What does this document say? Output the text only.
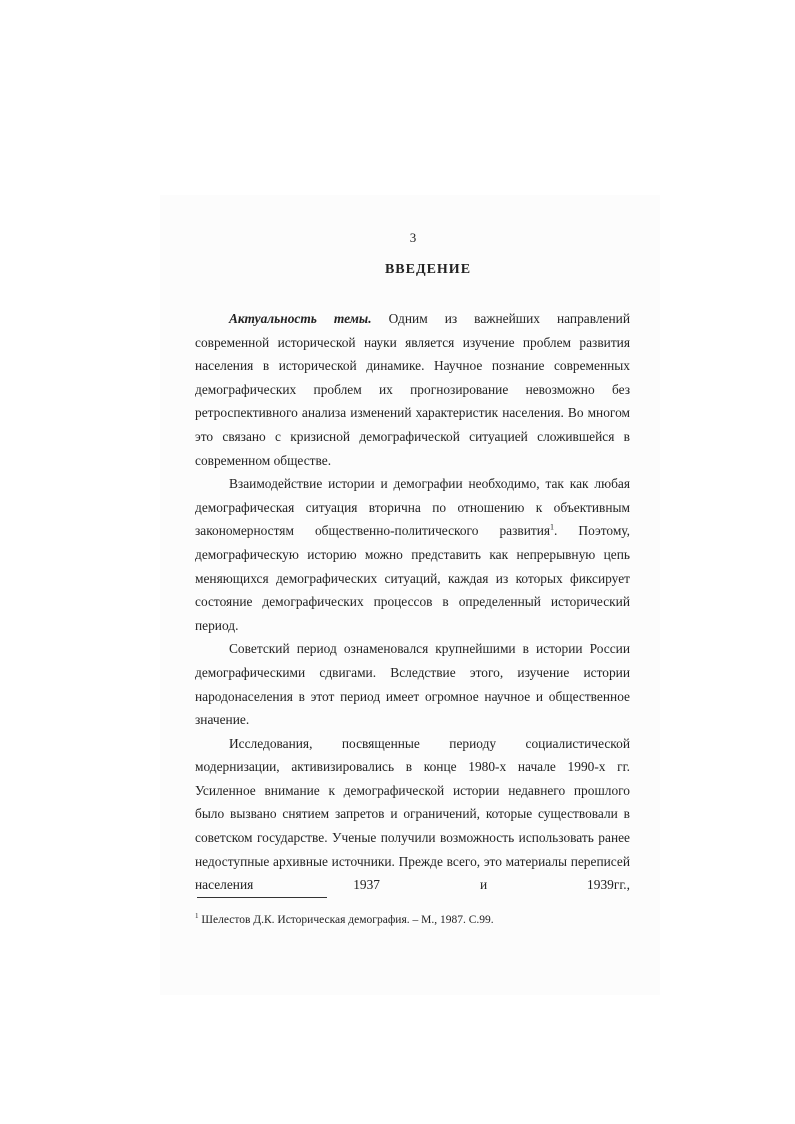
3
ВВЕДЕНИЕ

Актуальность темы. Одним из важнейших направлений современной исторической науки является изучение проблем развития населения в исторической динамике. Научное познание современных демографических проблем их прогнозирование невозможно без ретроспективного анализа изменений характеристик населения. Во многом это связано с кризисной демографической ситуацией сложившейся в современном обществе.

Взаимодействие истории и демографии необходимо, так как любая демографическая ситуация вторична по отношению к объективным закономерностям общественно-политического развития$^1$. Поэтому, демографическую историю можно представить как непрерывную цепь меняющихся демографических ситуаций, каждая из которых фиксирует состояние демографических процессов в определенный исторический период.

Советский период ознаменовался крупнейшими в истории России демографическими сдвигами. Вследствие этого, изучение истории народонаселения в этот период имеет огромное научное и общественное значение.

Исследования, посвященные периоду социалистической модернизации, активизировались в конце 1980-х начале 1990-х гг. Усиленное внимание к демографической истории недавнего прошлого было вызвано снятием запретов и ограничений, которые существовали в советском государстве. Ученые получили возможность использовать ранее недоступные архивные источники. Прежде всего, это материалы переписей населения 1937 и 1939гг.,

$^1$ Шелестов Д.К. Историческая демография. – М., 1987. С.99.
